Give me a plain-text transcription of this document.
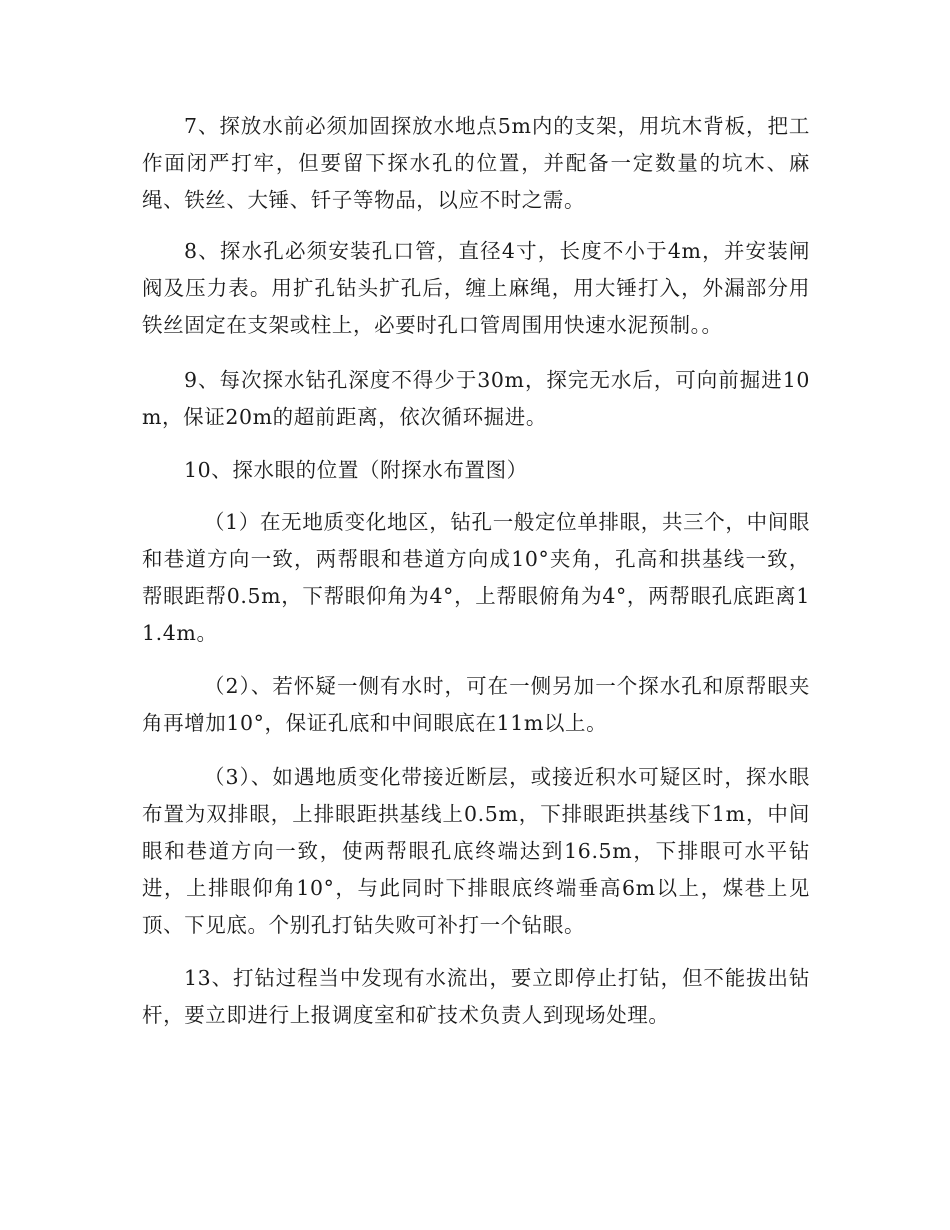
7、探放水前必须加固探放水地点5m内的支架，用坑木背板，把工作面闭严打牢，但要留下探水孔的位置，并配备一定数量的坑木、麻绳、铁丝、大锤、钎子等物品，以应不时之需。

8、探水孔必须安装孔口管，直径4寸，长度不小于4m，并安装闸阀及压力表。用扩孔钻头扩孔后，缠上麻绳，用大锤打入，外漏部分用铁丝固定在支架或柱上，必要时孔口管周围用快速水泥预制。。

9、每次探水钻孔深度不得少于30m，探完无水后，可向前掘进10m，保证20m的超前距离，依次循环掘进。

10、探水眼的位置（附探水布置图）

（1）在无地质变化地区，钻孔一般定位单排眼，共三个，中间眼和巷道方向一致，两帮眼和巷道方向成10°夹角，孔高和拱基线一致，帮眼距帮0.5m，下帮眼仰角为4°，上帮眼俯角为4°，两帮眼孔底距离11.4m。

（2）、若怀疑一侧有水时，可在一侧另加一个探水孔和原帮眼夹角再增加10°，保证孔底和中间眼底在11m以上。

（3）、如遇地质变化带接近断层，或接近积水可疑区时，探水眼布置为双排眼，上排眼距拱基线上0.5m，下排眼距拱基线下1m，中间眼和巷道方向一致，使两帮眼孔底终端达到16.5m，下排眼可水平钻进，上排眼仰角10°，与此同时下排眼底终端垂高6m以上，煤巷上见顶、下见底。个别孔打钻失败可补打一个钻眼。

13、打钻过程当中发现有水流出，要立即停止打钻，但不能拔出钻杆，要立即进行上报调度室和矿技术负责人到现场处理。
